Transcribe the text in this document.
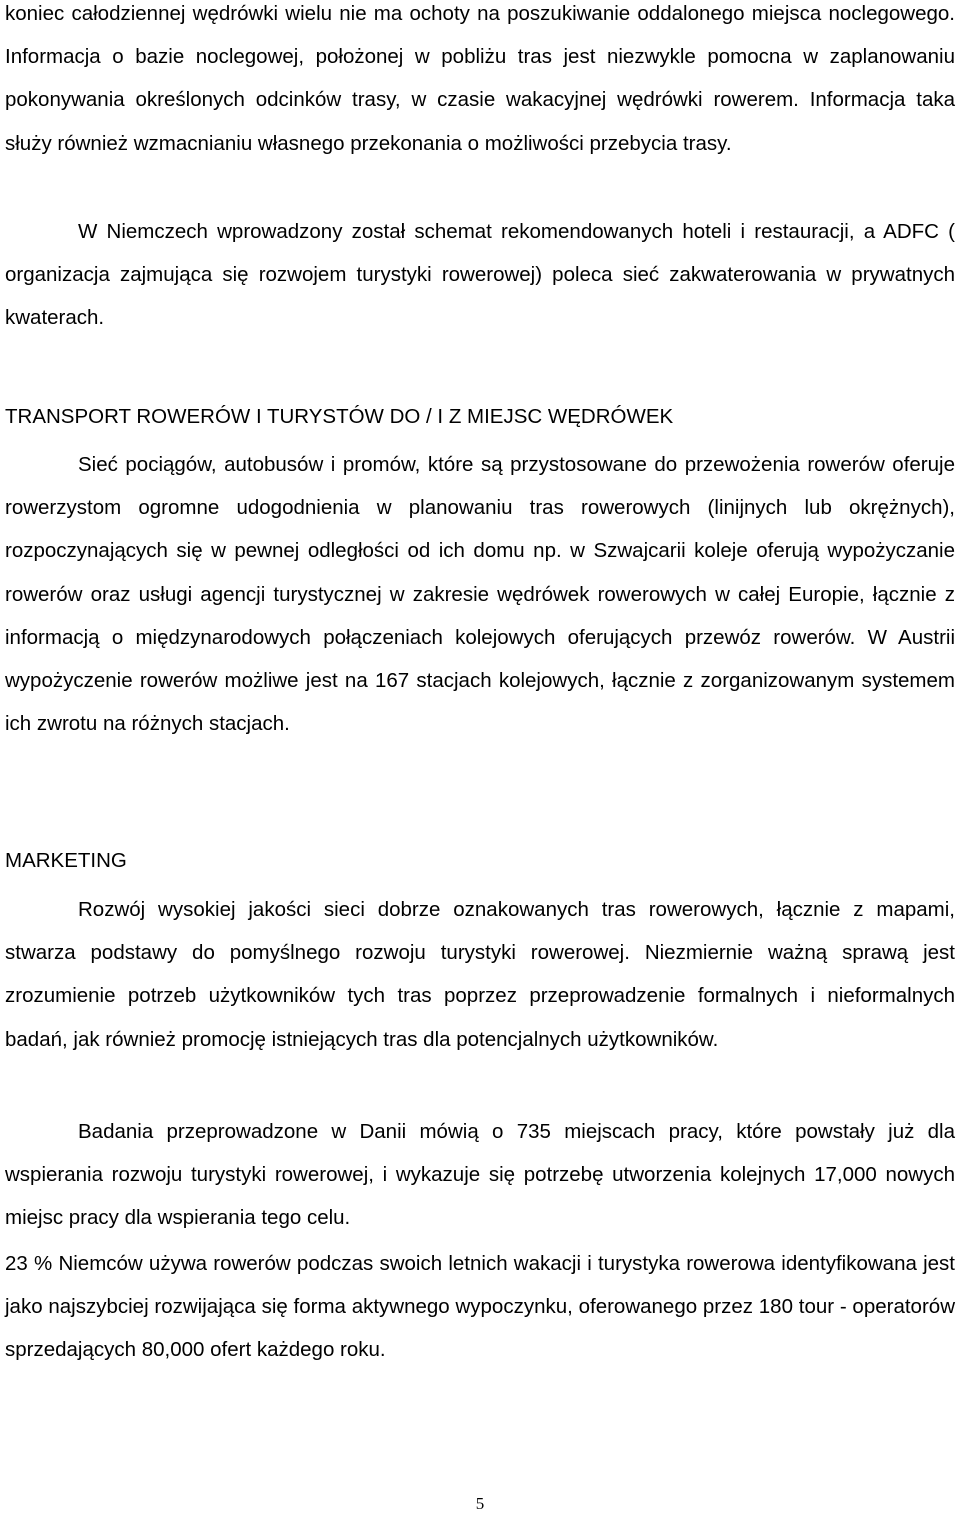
koniec całodziennej wędrówki wielu nie ma ochoty na poszukiwanie oddalonego miejsca noclegowego. Informacja o bazie noclegowej, położonej w pobliżu tras jest niezwykle pomocna w zaplanowaniu pokonywania określonych odcinków trasy, w czasie wakacyjnej wędrówki rowerem. Informacja taka służy również wzmacnianiu własnego przekonania o możliwości przebycia trasy.

W Niemczech wprowadzony został schemat rekomendowanych hoteli i restauracji, a ADFC ( organizacja zajmująca się rozwojem turystyki rowerowej) poleca sieć zakwaterowania w prywatnych kwaterach.

TRANSPORT ROWERÓW I TURYSTÓW DO / I Z MIEJSC WĘDRÓWEK

Sieć pociągów, autobusów i promów, które są przystosowane do przewożenia rowerów oferuje rowerzystom ogromne udogodnienia w planowaniu tras rowerowych (linijnych lub okrężnych), rozpoczynających się w pewnej odległości od ich domu np. w Szwajcarii koleje oferują wypożyczanie rowerów oraz usługi agencji turystycznej w zakresie wędrówek rowerowych w całej Europie, łącznie z informacją o międzynarodowych połączeniach kolejowych oferujących przewóz rowerów. W Austrii wypożyczenie rowerów możliwe jest na 167 stacjach kolejowych, łącznie z zorganizowanym systemem ich zwrotu na różnych stacjach.

MARKETING

Rozwój wysokiej jakości sieci dobrze oznakowanych tras rowerowych, łącznie z mapami, stwarza podstawy do pomyślnego rozwoju turystyki rowerowej. Niezmiernie ważną sprawą jest zrozumienie potrzeb użytkowników tych tras poprzez przeprowadzenie formalnych i nieformalnych badań, jak również promocję istniejących tras dla potencjalnych użytkowników.

Badania przeprowadzone w Danii mówią o 735 miejscach pracy, które powstały już dla wspierania rozwoju turystyki rowerowej, i wykazuje się potrzebę utworzenia kolejnych 17,000 nowych miejsc pracy dla wspierania tego celu.

23 % Niemców używa rowerów podczas swoich letnich wakacji i turystyka rowerowa identyfikowana jest jako najszybciej rozwijająca się forma aktywnego wypoczynku, oferowanego przez 180 tour - operatorów sprzedających 80,000 ofert każdego roku.

5
